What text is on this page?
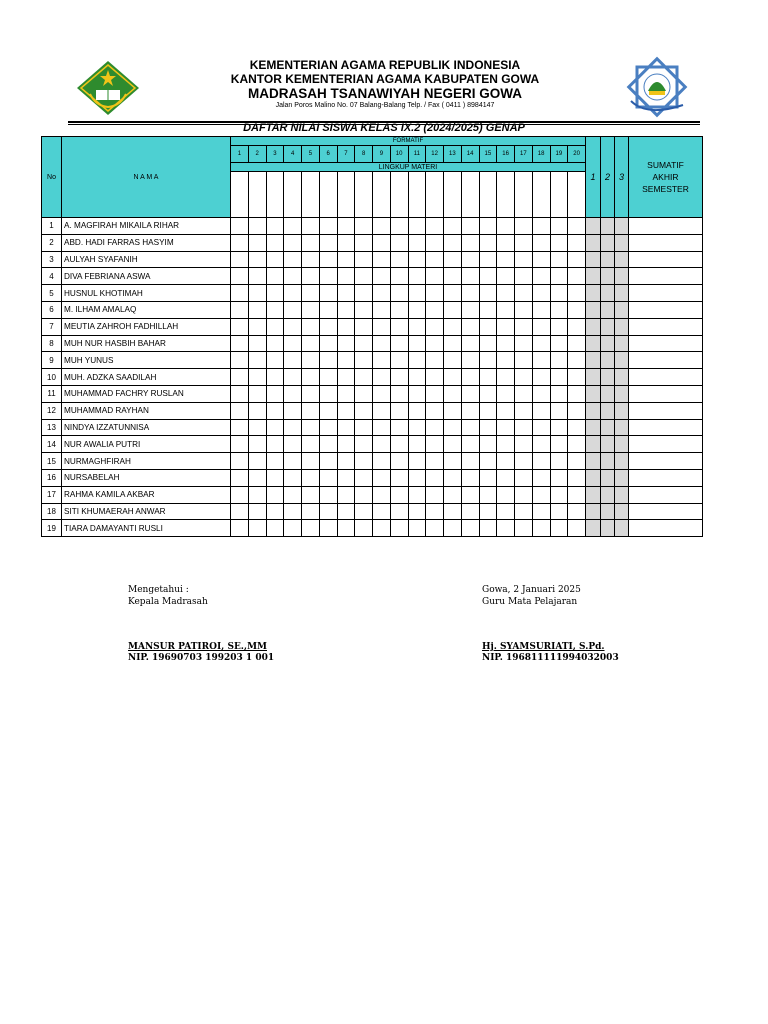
KEMENTERIAN AGAMA REPUBLIK INDONESIA
KANTOR KEMENTERIAN AGAMA KABUPATEN GOWA
MADRASAH TSANAWIYAH NEGERI GOWA
Jalan Poros Malino No. 07 Balang-Balang Telp. / Fax ( 0411 ) 8984147
DAFTAR NILAI SISWA KELAS IX.2 (2024/2025) GENAP
No	N A M A	FORMATIF																				1	2	3	SUMATIF
AKHIR
SEMESTER

		1	2	3	4	5	6	7	8	9	10	11	12	13	14	15	16	17	18	19	20				
		LINGKUP MATERI																							

1	A. MAGFIRAH MIKAILA RIHAR																								
2	ABD. HADI FARRAS HASYIM																								
3	AULYAH SYAFANIH																								
4	DIVA FEBRIANA ASWA																								
5	HUSNUL KHOTIMAH																								
6	M. ILHAM AMALAQ																								
7	MEUTIA ZAHROH FADHILLAH																								
8	MUH NUR HASBIH BAHAR																								
9	MUH YUNUS																								
10	MUH. ADZKA SAADILAH																								
11	MUHAMMAD FACHRY RUSLAN																								
12	MUHAMMAD RAYHAN																								
13	NINDYA IZZATUNNISA																								
14	NUR AWALIA PUTRI																								
15	NURMAGHFIRAH																								
16	NURSABELAH																								
17	RAHMA KAMILA AKBAR																								
18	SITI KHUMAERAH ANWAR																								
19	TIARA DAMAYANTI RUSLI																								
Mengetahui :
Kepala Madrasah
MANSUR PATIROI, SE.,MM
NIP. 19690703 199203 1 001
Gowa, 2 Januari 2025
Guru Mata Pelajaran
Hj. SYAMSURIATI, S.Pd.
NIP. 196811111994032003
